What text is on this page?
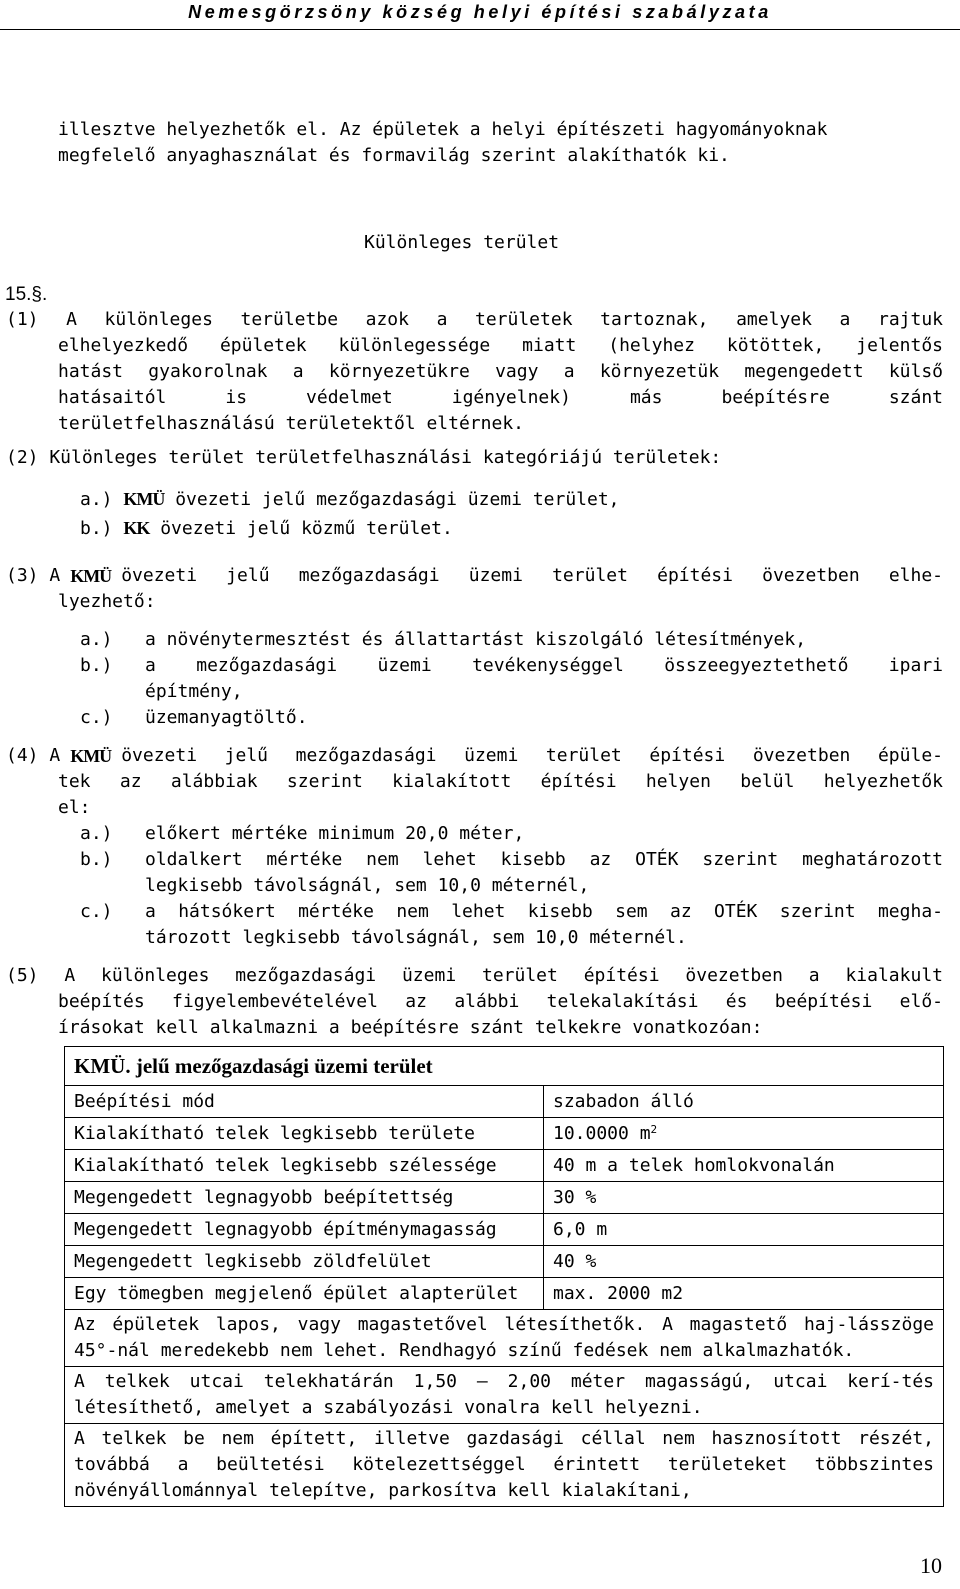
Nemesgörzsöny község helyi építési szabályzata
illesztve helyezhetők el. Az épületek a helyi építészeti hagyományoknak
megfelelő anyaghasználat és formavilág szerint alakíthatók ki.
Különleges terület
15.§.
(1) A különleges területbe azok a területek tartoznak, amelyek a rajtuk
elhelyezkedő épületek különlegessége miatt (helyhez kötöttek, jelentős
hatást gyakorolnak a környezetükre vagy a környezetük megengedett külső
hatásaitól is védelmet igényelnek) más beépítésre szánt
területfelhasználású területektől eltérnek.
(2) Különleges terület területfelhasználási kategóriájú területek:
a.) KMÜ övezeti jelű mezőgazdasági üzemi terület,
b.) KK övezeti jelű közmű terület.
(3) A KMÜ övezeti jelű mezőgazdasági üzemi terület építési övezetben elhe-
lyezhető:
a.) a növénytermesztést és állattartást kiszolgáló létesítmények,
b.) a mezőgazdasági üzemi tevékenységgel összeegyeztethető ipari
építmény,
c.) üzemanyagtöltő.
(4) A KMÜ övezeti jelű mezőgazdasági üzemi terület építési övezetben épüle-
tek az alábbiak szerint kialakított építési helyen belül helyezhetők
el:
a.) előkert mértéke minimum 20,0 méter,
b.) oldalkert mértéke nem lehet kisebb az OTÉK szerint meghatározott
legkisebb távolságnál, sem 10,0 méternél,
c.) a hátsókert mértéke nem lehet kisebb sem az OTÉK szerint megha-
tározott legkisebb távolságnál, sem 10,0 méternél.
(5) A különleges mezőgazdasági üzemi terület építési övezetben a kialakult
beépítés figyelembevételével az alábbi telekalakítási és beépítési elő-
írásokat kell alkalmazni a beépítésre szánt telkekre vonatkozóan:
KMÜ. jelű mezőgazdasági üzemi terület	
Beépítési mód	szabadon álló
Kialakítható telek legkisebb területe	10.0000 $m^2$
Kialakítható telek legkisebb szélessége	40 m a telek homlokvonalán
Megengedett legnagyobb beépítettség	30 %
Megengedett legnagyobb építménymagasság	6,0 m
Megengedett legkisebb zöldfelület	40 %
Egy tömegben megjelenő épület alapterület	max. 2000 m2
Az épületek lapos, vagy magastetővel létesíthetők. A magastető haj-lásszöge 45°-nál meredekebb nem lehet. Rendhagyó színű fedések nem alkalmazhatók.	
A telkek utcai telekhatárán 1,50 – 2,00 méter magasságú, utcai kerí-tés létesíthető, amelyet a szabályozási vonalra kell helyezni.	
A telkek be nem épített, illetve gazdasági céllal nem hasznosított részét, továbbá a beültetési kötelezettséggel érintett területeket többszintes növényállománnyal telepítve, parkosítva kell kialakítani,	
10
